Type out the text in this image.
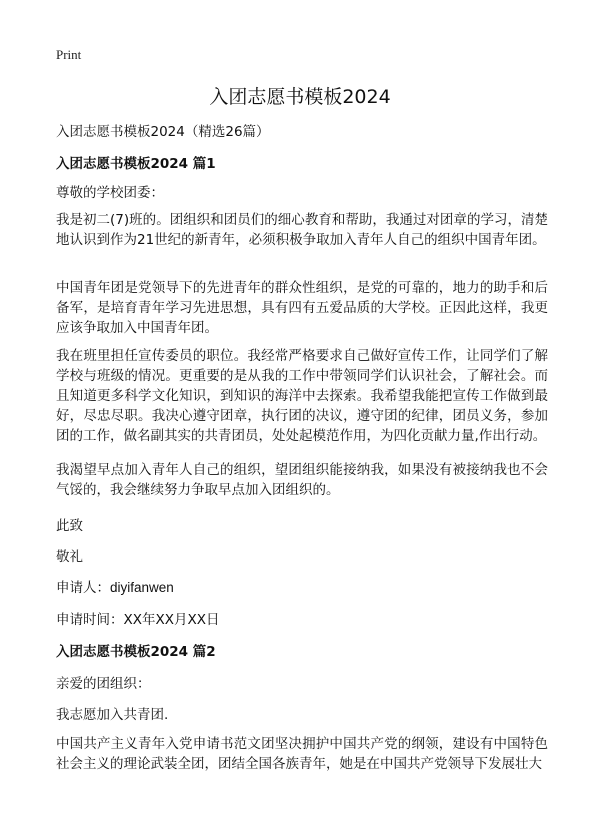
Print
入团志愿书模板2024
入团志愿书模板2024（精选26篇）
入团志愿书模板2024 篇1
尊敬的学校团委：

我是初二(7)班的。团组织和团员们的细心教育和帮助，我通过对团章的学习，清楚地认识到作为21世纪的新青年，必须积极争取加入青年人自己的组织中国青年团。

中国青年团是党领导下的先进青年的群众性组织，是党的可靠的，地力的助手和后备军，是培育青年学习先进思想，具有四有五爱品质的大学校。正因此这样，我更应该争取加入中国青年团。

我在班里担任宣传委员的职位。我经常严格要求自己做好宣传工作，让同学们了解学校与班级的情况。更重要的是从我的工作中带领同学们认识社会，了解社会。而且知道更多科学文化知识，到知识的海洋中去探索。我希望我能把宣传工作做到最好，尽忠尽职。我决心遵守团章，执行团的决议，遵守团的纪律，团员义务，参加团的工作，做名副其实的共青团员，处处起模范作用，为四化贡献力量,作出行动。

我渴望早点加入青年人自己的组织，望团组织能接纳我，如果没有被接纳我也不会气馁的，我会继续努力争取早点加入团组织的。

此致
敬礼
申请人：diyifanwen
申请时间：XX年XX月XX日
入团志愿书模板2024 篇2
亲爱的团组织：
我志愿加入共青团.

中国共产主义青年入党申请书范文团坚决拥护中国共产党的纲领，建设有中国特色社会主义的理论武装全团，团结全国各族青年，她是在中国共产党领导下发展壮大
